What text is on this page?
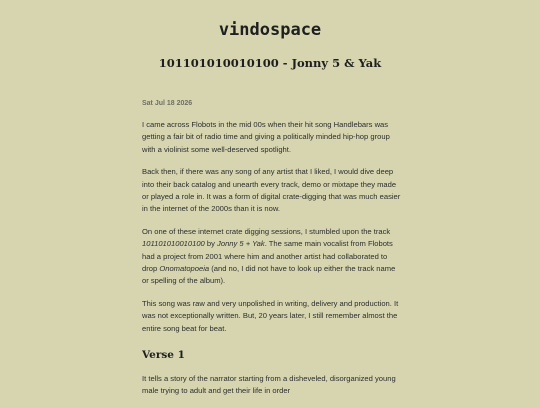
vindospace
101101010010100 - Jonny 5 & Yak
Sat Jul 18 2026

I came across Flobots in the mid 00s when their hit song Handlebars was getting a fair bit of radio time and giving a politically minded hip-hop group with a violinist some well-deserved spotlight.

Back then, if there was any song of any artist that I liked, I would dive deep into their back catalog and unearth every track, demo or mixtape they made or played a role in. It was a form of digital crate-digging that was much easier in the internet of the 2000s than it is now.

On one of these internet crate digging sessions, I stumbled upon the track 101101010010100 by Jonny 5 + Yak. The same main vocalist from Flobots had a project from 2001 where him and another artist had collaborated to drop Onomatopoeia (and no, I did not have to look up either the track name or spelling of the album).

This song was raw and very unpolished in writing, delivery and production. It was not exceptionally written. But, 20 years later, I still remember almost the entire song beat for beat.

Verse 1

It tells a story of the narrator starting from a disheveled, disorganized young male trying to adult and get their life in order
